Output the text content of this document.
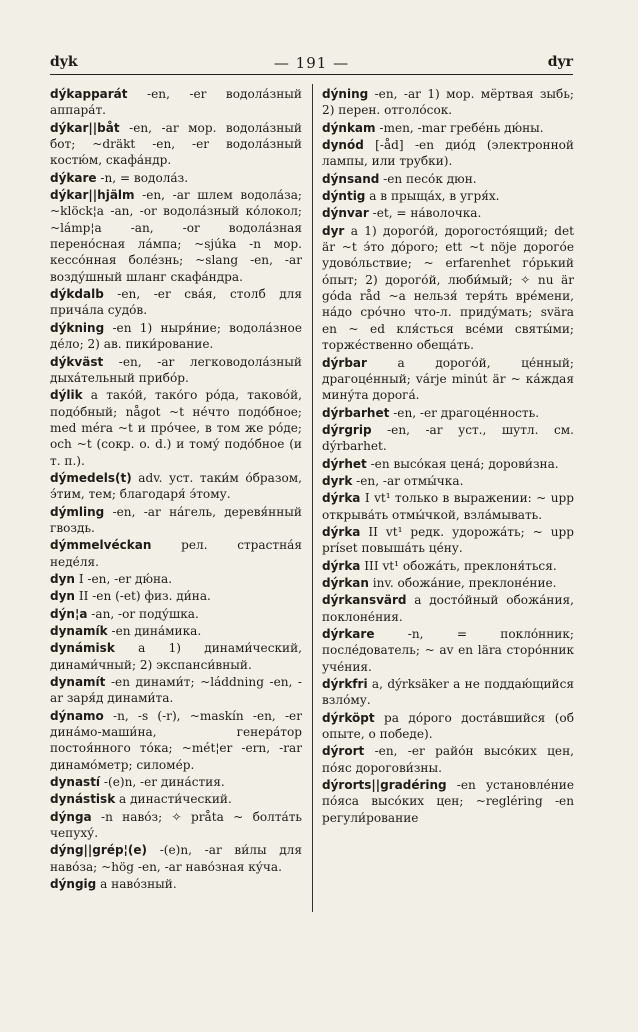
dyk	— 191 —	dyr
dýkapparát -en, -er водола́зный аппара́т.
dýkar||båt -en, -ar мор. водола́зный бот; ~dräkt -en, -er водола́зный костю́м, скафа́ндр.
dýkare -n, = водола́з.
dýkar||hjälm -en, -ar шлем водола́за; ~klöck¦a -an, -or водола́зный ко́локол; ~lámp¦a -an, -or водола́зная перено́сная ла́мпа; ~sjúka -n мор. кессо́нная боле́знь; ~slang -en, -ar возду́шный шланг скафа́ндра.
dýkdalb -en, -er сва́я, столб для прича́ла судо́в.
dýkning -en 1) ныря́ние; водола́зное де́ло; 2) ав. пики́рование.
dýkväst -en, -ar легководола́зный дыха́тельный прибо́р.
dýlik a тако́й, тако́го ро́да, таково́й, подо́бный; något ~t не́что подо́бное; med méra ~t и про́чее, в том же ро́де; och ~t (сокр. o. d.) и тому́ подо́бное (и т. п.).
dýmedels(t) adv. уст. таки́м о́бразом, э́тим, тем; благодаря́ э́тому.
dýmling -en, -ar на́гель, деревя́нный гвоздь.
dýmmelvéckan рел. страстна́я неде́ля.
dyn I -en, -er дю́на.
dyn II -en (-et) физ. ди́на.
dýn¦a -an, -or поду́шка.
dynamík -en дина́мика.
dynámisk a 1) динами́ческий, динами́чный; 2) экспанси́вный.
dynamít -en динами́т; ~láddning -en, -ar заря́д динами́та.
dýnamo -n, -s (-r), ~maskín -en, -er дина́мо-маши́на, генера́тор постоя́нного то́ка; ~mét¦er -ern, -rar динамо́метр; силоме́р.
dynastí -(e)n, -er дина́стия.
dynástisk a династи́ческий.
dýnga -n наво́з; ✧ pråta ~ болта́ть чепуху́.
dýng||grép¦(e) -(e)n, -ar ви́лы для наво́за; ~hög -en, -ar наво́зная ку́ча.
dýngig a наво́зный.
dýning -en, -ar 1) мор. мёртвая зыбь; 2) перен. отголо́сок.
dýnkam -men, -mar гребе́нь дю́ны.
dynód [-åd] -en дио́д (электронной лампы, или трубки).
dýnsand -en песо́к дюн.
dýntig a в прыща́х, в угря́х.
dýnvar -et, = на́волочка.
dyr a 1) дорого́й, дорогосто́ящий; det är ~t э́то до́рого; ett ~t nöje дорого́е удово́льствие; ~ erfarenhet го́рький о́пыт; 2) дорого́й, люби́мый; ✧ nu är góda råd ~a нельзя́ теря́ть вре́мени, на́до сро́чно что-л. приду́мать; svära en ~ ed кля́сться все́ми святы́ми; торже́ственно обеща́ть.
dýrbar a дорого́й, це́нный; драгоце́нный; várje minút är ~ ка́ждая мину́та дорога́.
dýrbarhet -en, -er драгоце́нность.
dýrgrip -en, -ar уст., шутл. см. dýrbarhet.
dýrhet -en высо́кая цена́; дорови́зна.
dyrk -en, -ar отмы́чка.
dýrka I vt¹ только в выражении: ~ upp открыва́ть отмы́чкой, взла́мывать.
dýrka II vt¹ редк. удорожа́ть; ~ upp príset повыша́ть це́ну.
dýrka III vt¹ обожа́ть, преклоня́ться.
dýrkan inv. обожа́ние, преклоне́ние.
dýrkansvärd a досто́йный обожа́ния, поклоне́ния.
dýrkare -n, = покло́нник; после́дователь; ~ av en lära сторо́нник уче́ния.
dýrkfri a, dýrksäker a не поддаю́щийся взло́му.
dýrköpt pa до́рого доста́вшийся (об опыте, о победе).
dýrort -en, -er райо́н высо́ких цен, по́яс дорогови́зны.
dýrorts||gradéring -en установле́ние по́яса высо́ких цен; ~regléring -en регули́рование
